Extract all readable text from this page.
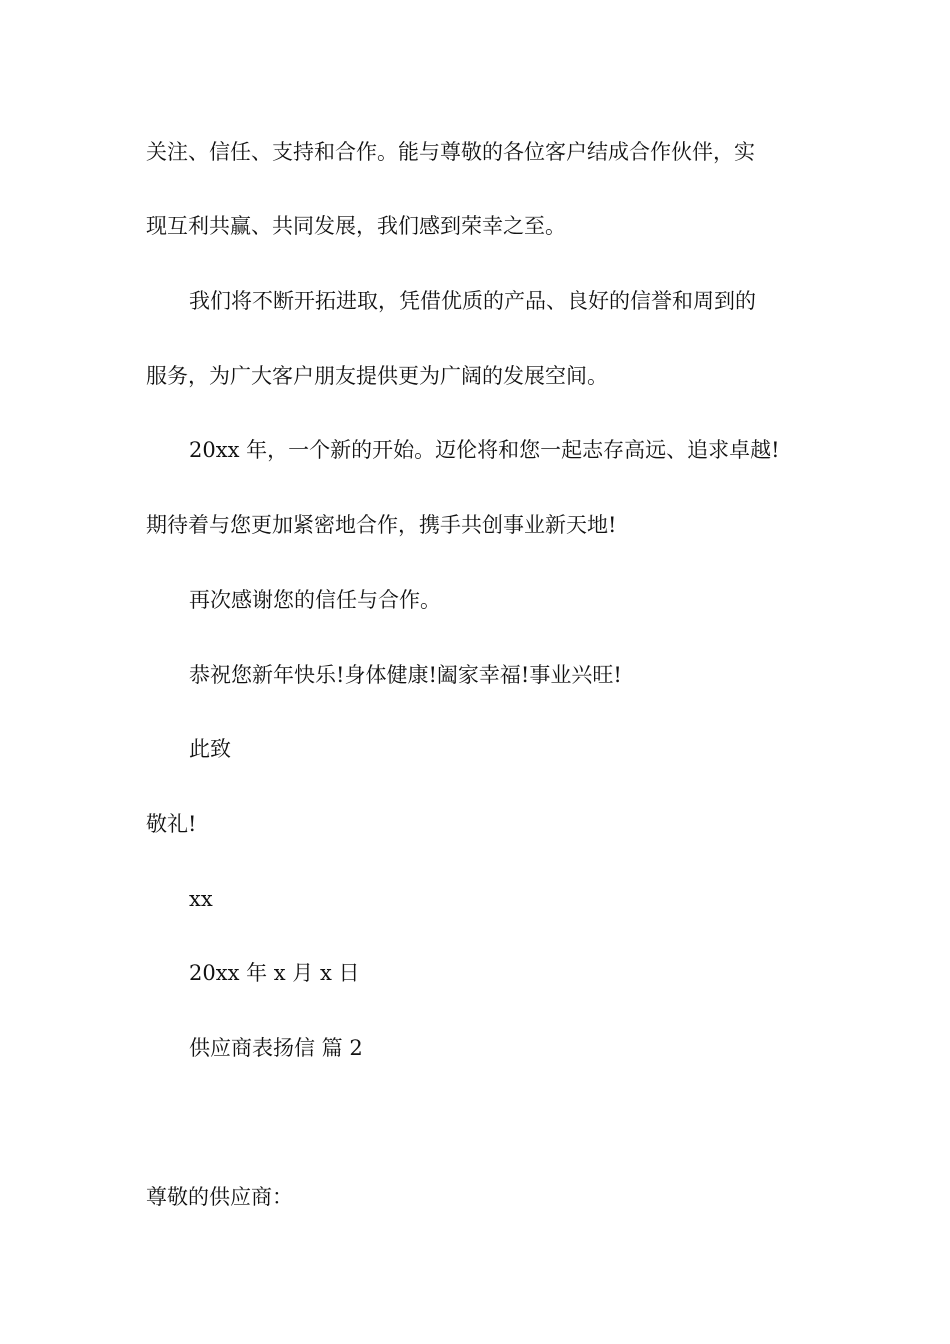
关注、信任、支持和合作。能与尊敬的各位客户结成合作伙伴，实
现互利共赢、共同发展，我们感到荣幸之至。
我们将不断开拓进取，凭借优质的产品、良好的信誉和周到的
服务，为广大客户朋友提供更为广阔的发展空间。
20xx 年，一个新的开始。迈伦将和您一起志存高远、追求卓越!
期待着与您更加紧密地合作，携手共创事业新天地!
再次感谢您的信任与合作。
恭祝您新年快乐!身体健康!阖家幸福!事业兴旺!
此致
敬礼!
xx
20xx 年 x 月 x 日
供应商表扬信 篇 2
尊敬的供应商：
